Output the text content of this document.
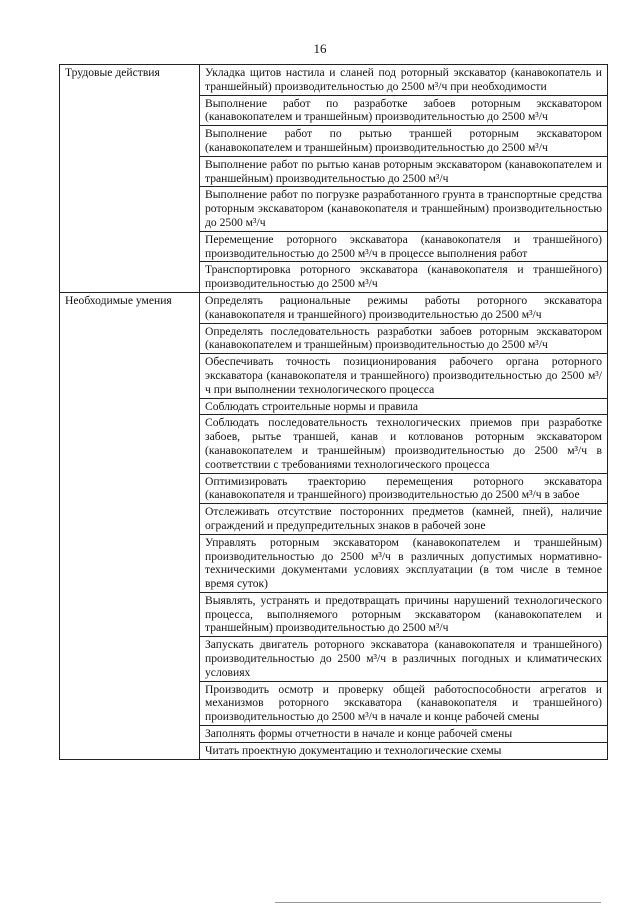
16
Трудовые действия	Укладка щитов настила и слaней под роторный экскаватор (канавокопатель и траншейный) производительностью до 2500 м³/ч при необходимости
	Выполнение работ по разработке забоев роторным экскаватором (канавокопателем и траншейным) производительностью до 2500 м³/ч
	Выполнение работ по рытью траншей роторным экскаватором (канавокопателем и траншейным) производительностью до 2500 м³/ч
	Выполнение работ по рытью канав роторным экскаватором (канавокопателем и траншейным) производительностью до 2500 м³/ч
	Выполнение работ по погрузке разработанного грунта в транспортные средства роторным экскаватором (канавокопателя и траншейным) производительностью до 2500 м³/ч
	Перемещение роторного экскаватора (канавокопателя и траншейного) производительностью до 2500 м³/ч в процессе выполнения работ
	Транспортировка роторного экскаватора (канавокопателя и траншейного) производительностью до 2500 м³/ч
Необходимые умения	Определять рациональные режимы работы роторного экскаватора (канавокопателя и траншейного) производительностью до 2500 м³/ч
	Определять последовательность разработки забоев роторным экскаватором (канавокопателем и траншейным) производительностью до 2500 м³/ч
	Обеспечивать точность позиционирования рабочего органа роторного экскаватора (канавокопателя и траншейного) производительностью до 2500 м³/ч при выполнении технологического процесса
	Соблюдать строительные нормы и правила
	Соблюдать последовательность технологических приемов при разработке забоев, рытье траншей, канав и котлованов роторным экскаватором (канавокопателем и траншейным) производительностью до 2500 м³/ч в соответствии с требованиями технологического процесса
	Оптимизировать траекторию перемещения роторного экскаватора (канавокопателя и траншейного) производительностью до 2500 м³/ч в забое
	Отслеживать отсутствие посторонних предметов (камней, пней), наличие ограждений и предупредительных знаков в рабочей зоне
	Управлять роторным экскаватором (канавокопателем и траншейным) производительностью до 2500 м³/ч в различных допустимых нормативно-техническими документами условиях эксплуатации (в том числе в темное время суток)
	Выявлять, устранять и предотвращать причины нарушений технологического процесса, выполняемого роторным экскаватором (канавокопателем и траншейным) производительностью до 2500 м³/ч
	Запускать двигатель роторного экскаватора (канавокопателя и траншейного) производительностью до 2500 м³/ч в различных погодных и климатических условиях
	Производить осмотр и проверку общей работоспособности агрегатов и механизмов роторного экскаватора (канавокопателя и траншейного) производительностью до 2500 м³/ч в начале и конце рабочей смены
	Заполнять формы отчетности в начале и конце рабочей смены
	Читать проектную документацию и технологические схемы
